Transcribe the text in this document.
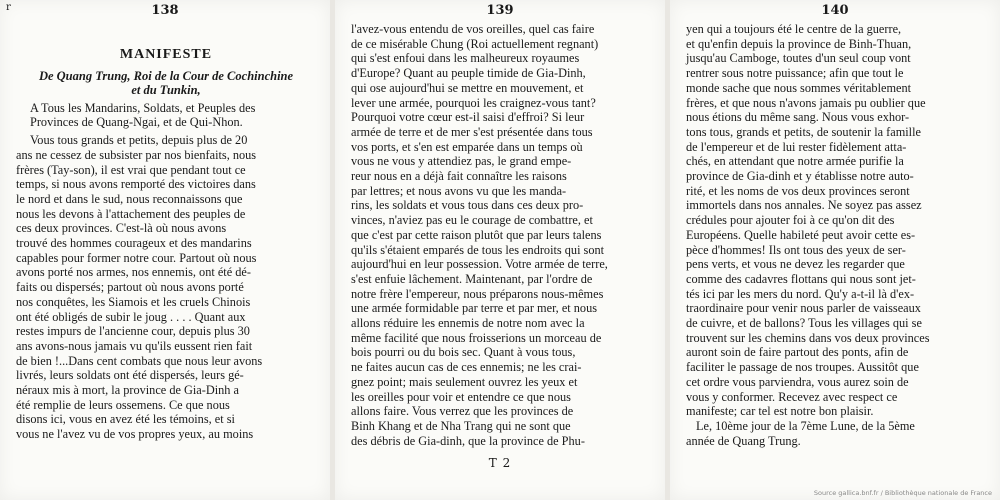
r	138
MANIFESTE
De Quang Trung, Roi de la Cour de Cochinchine
et du Tunkin,
A Tous les Mandarins, Soldats, et Peuples des
Provinces de Quang-Ngai, et de Qui-Nhon.
Vous tous grands et petits, depuis plus de 20
ans ne cessez de subsister par nos bienfaits, nous
frères (Tay-son), il est vrai que pendant tout ce
temps, si nous avons remporté des victoires dans
le nord et dans le sud, nous reconnaissons que
nous les devons à l'attachement des peuples de
ces deux provinces. C'est-là où nous avons
trouvé des hommes courageux et des mandarins
capables pour former notre cour. Partout où nous
avons porté nos armes, nos ennemis, ont été dé-
faits ou dispersés; partout où nous avons porté
nos conquêtes, les Siamois et les cruels Chinois
ont été obligés de subir le joug . . . . Quant aux
restes impurs de l'ancienne cour, depuis plus 30
ans avons-nous jamais vu qu'ils eussent rien fait
de bien !...Dans cent combats que nous leur avons
livrés, leurs soldats ont été dispersés, leurs gé-
néraux mis à mort, la province de Gia-Dinh a
été remplie de leurs ossemens. Ce que nous
disons ici, vous en avez été les témoins, et si
vous ne l'avez vu de vos propres yeux, au moins
139
l'avez-vous entendu de vos oreilles, quel cas faire
de ce misérable Chung (Roi actuellement regnant)
qui s'est enfoui dans les malheureux royaumes
d'Europe? Quant au peuple timide de Gia-Dinh,
qui ose aujourd'hui se mettre en mouvement, et
lever une armée, pourquoi les craignez-vous tant?
Pourquoi votre cœur est-il saisi d'effroi? Si leur
armée de terre et de mer s'est présentée dans tous
vos ports, et s'en est emparée dans un temps où
vous ne vous y attendiez pas, le grand empe-
reur nous en a déjà fait connaître les raisons
par lettres; et nous avons vu que les manda-
rins, les soldats et vous tous dans ces deux pro-
vinces, n'aviez pas eu le courage de combattre, et
que c'est par cette raison plutôt que par leurs talens
qu'ils s'étaient emparés de tous les endroits qui sont
aujourd'hui en leur possession. Votre armée de terre,
s'est enfuie lâchement. Maintenant, par l'ordre de
notre frère l'empereur, nous préparons nous-mêmes
une armée formidable par terre et par mer, et nous
allons réduire les ennemis de notre nom avec la
même facilité que nous froisserions un morceau de
bois pourri ou du bois sec. Quant à vous tous,
ne faites aucun cas de ces ennemis; ne les crai-
gnez point; mais seulement ouvrez les yeux et
les oreilles pour voir et entendre ce que nous
allons faire. Vous verrez que les provinces de
Binh Khang et de Nha Trang qui ne sont que
des débris de Gia-dinh, que la province de Phu-
T 2
140
yen qui a toujours été le centre de la guerre,
et qu'enfin depuis la province de Binh-Thuan,
jusqu'au Camboge, toutes d'un seul coup vont
rentrer sous notre puissance; afin que tout le
monde sache que nous sommes véritablement
frères, et que nous n'avons jamais pu oublier que
nous étions du même sang. Nous vous exhor-
tons tous, grands et petits, de soutenir la famille
de l'empereur et de lui rester fidèlement atta-
chés, en attendant que notre armée purifie la
province de Gia-dinh et y établisse notre auto-
rité, et les noms de vos deux provinces seront
immortels dans nos annales. Ne soyez pas assez
crédules pour ajouter foi à ce qu'on dit des
Européens. Quelle habileté peut avoir cette es-
pèce d'hommes! Ils ont tous des yeux de ser-
pens verts, et vous ne devez les regarder que
comme des cadavres flottans qui nous sont jet-
tés ici par les mers du nord. Qu'y a-t-il là d'ex-
traordinaire pour venir nous parler de vaisseaux
de cuivre, et de ballons? Tous les villages qui se
trouvent sur les chemins dans vos deux provinces
auront soin de faire partout des ponts, afin de
faciliter le passage de nos troupes. Aussitôt que
cet ordre vous parviendra, vous aurez soin de
vous y conformer. Recevez avec respect ce
manifeste; car tel est notre bon plaisir.
Le, 10ème jour de la 7ème Lune, de la 5ème
année de Quang Trung.
Source gallica.bnf.fr / Bibliothèque nationale de France
